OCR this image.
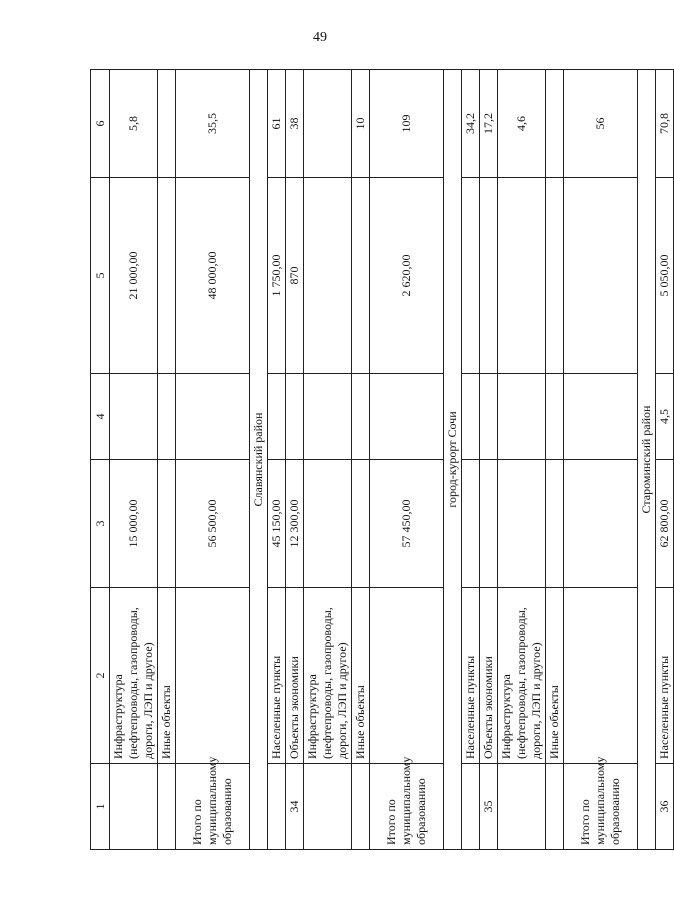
49
1	2	3	4	5	6
	Инфраструктура (нефтепроводы, газопроводы, дороги, ЛЭП и другое)	15 000,00		21 000,00	5,8
	Иные объекты				
Итого по муниципальному образованию		56 500,00		48 000,00	35,5
Славянский район					
	Населенные пункты	45 150,00		1 750,00	61
34	Объекты экономики	12 300,00		870	38
	Инфраструктура (нефтепроводы, газопроводы, дороги, ЛЭП и другое)				
	Иные объекты				10
Итого по муниципальному образованию		57 450,00		2 620,00	109
город-курорт Сочи					
	Населенные пункты				34,2
35	Объекты экономики				17,2
	Инфраструктура (нефтепроводы, газопроводы, дороги, ЛЭП и другое)				4,6
	Иные объекты				
Итого по муниципальному образованию					56
Староминский район					
36	Населенные пункты	62 800,00	4,5	5 050,00	70,8
